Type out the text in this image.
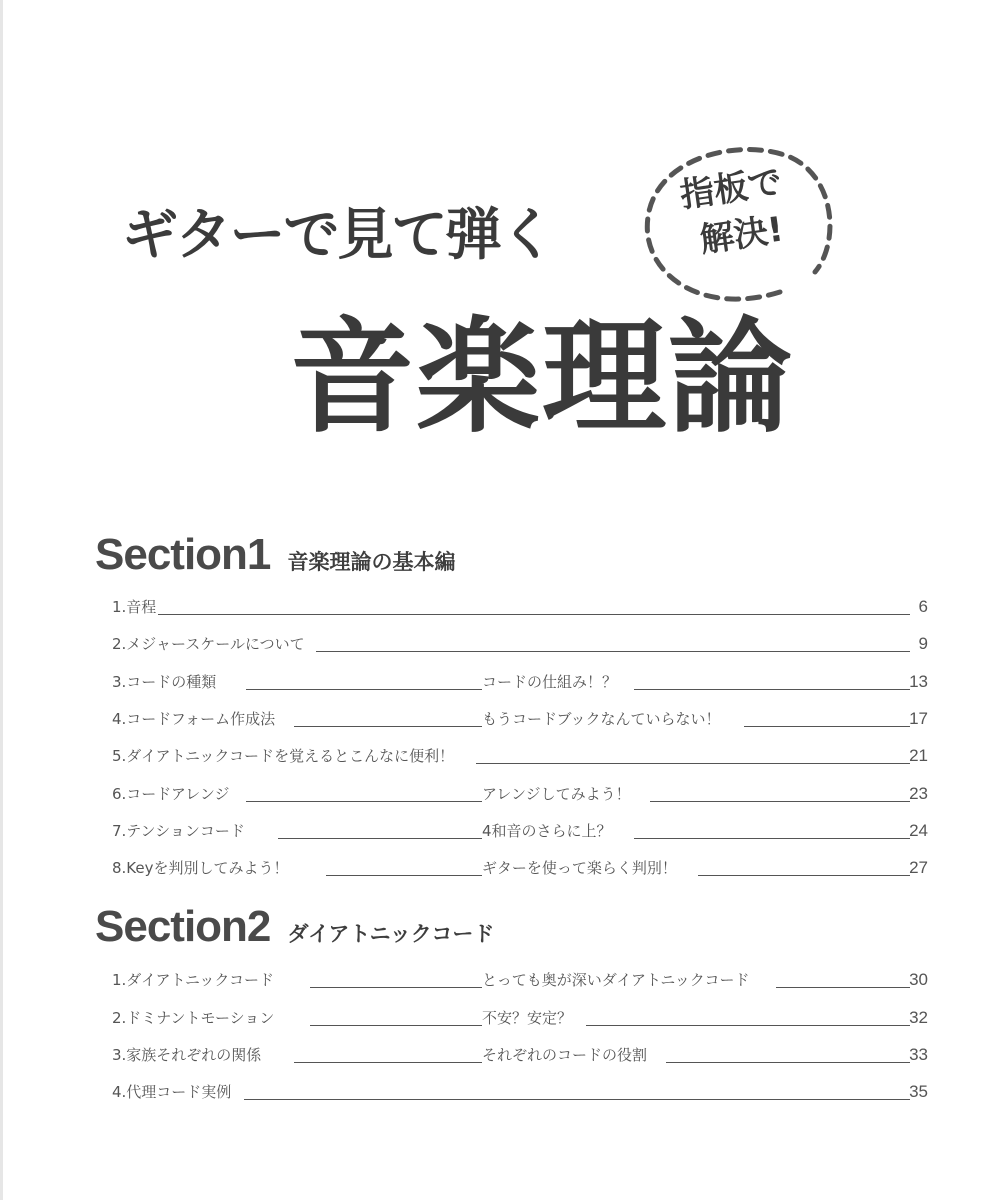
ギターで見て弾く
指板で
解決!
音楽理論
Section1 音楽理論の基本編
1.音程	6
2.メジャースケールについて	9
3.コードの種類	コードの仕組み！？	13
4.コードフォーム作成法	もうコードブックなんていらない！	17
5.ダイアトニックコードを覚えるとこんなに便利！	21
6.コードアレンジ	アレンジしてみよう！	23
7.テンションコード	4和音のさらに上？	24
8.Keyを判別してみよう！	ギターを使って楽らく判別！	27
Section2 ダイアトニックコード
1.ダイアトニックコード	とっても奥が深いダイアトニックコード	30
2.ドミナントモーション	不安？安定？	32
3.家族それぞれの関係	それぞれのコードの役割	33
4.代理コード実例	35
